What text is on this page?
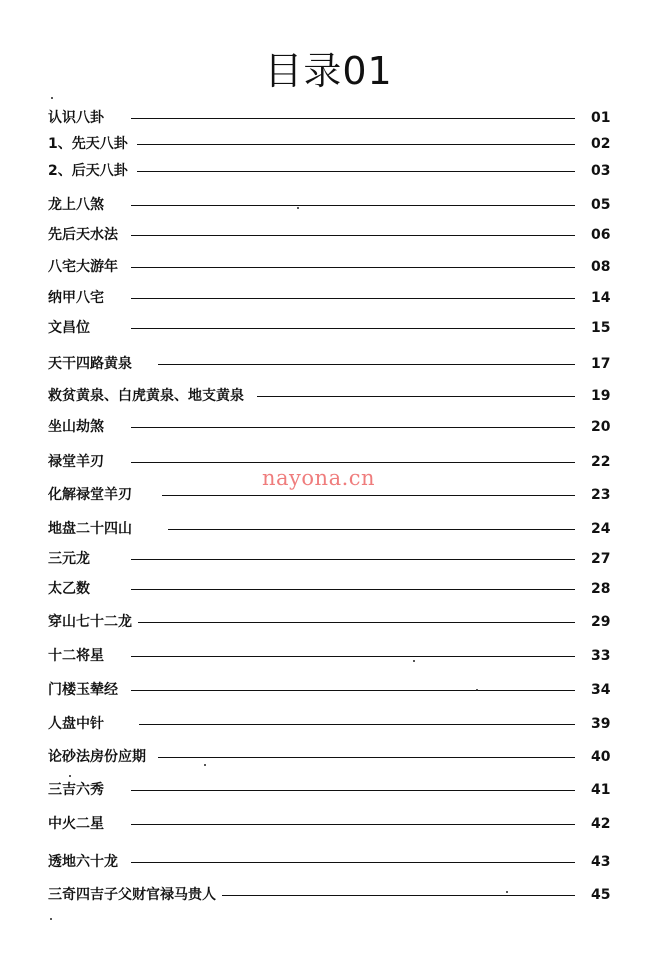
目录01
认识八卦	01
1、先天八卦	02
2、后天八卦	03
龙上八煞	05
先后天水法	06
八宅大游年	08
纳甲八宅	14
文昌位	15
天干四路黄泉	17
救贫黄泉、白虎黄泉、地支黄泉	19
坐山劫煞	20
禄堂羊刃	22
化解禄堂羊刃	23
地盘二十四山	24
三元龙	27
太乙数	28
穿山七十二龙	29
十二将星	33
门楼玉辇经	34
人盘中针	39
论砂法房份应期	40
三吉六秀	41
中火二星	42
透地六十龙	43
三奇四吉子父财官禄马贵人	45
nayona.cn
